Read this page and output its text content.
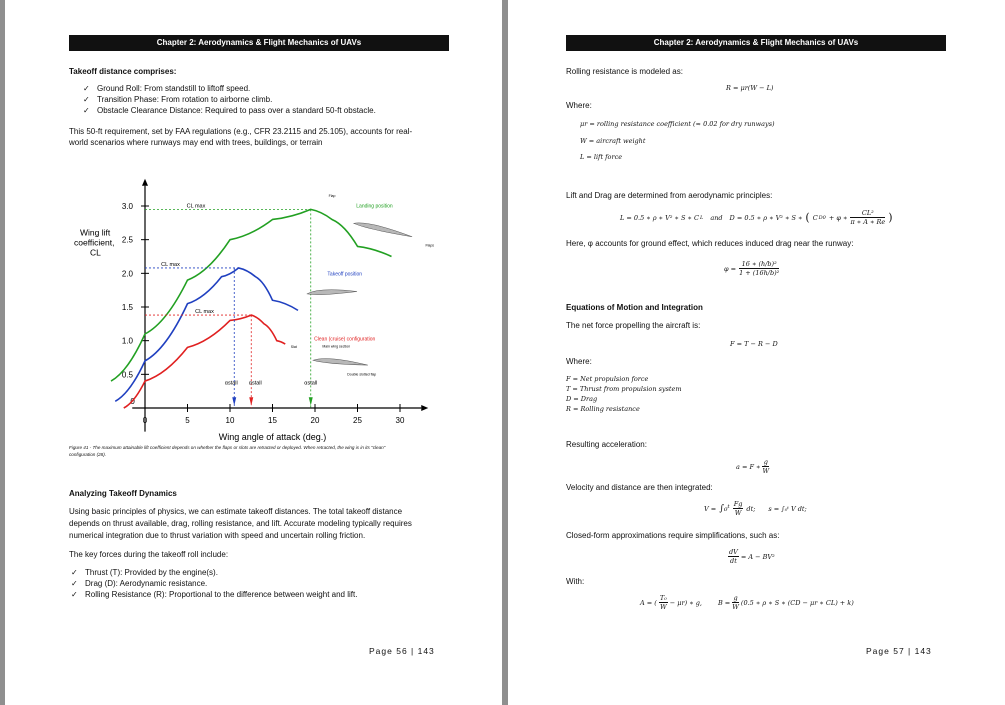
Chapter 2: Aerodynamics & Flight Mechanics of UAVs
Takeoff distance comprises:
✓ Ground Roll: From standstill to liftoff speed.
✓ Transition Phase: From rotation to airborne climb.
✓ Obstacle Clearance Distance: Required to pass over a standard 50-ft obstacle.
This 50-ft requirement, set by FAA regulations (e.g., CFR 23.2115 and 25.105), accounts for real-
world scenarios where runways may end with trees, buildings, or terrain
0	5	10	15	20	25	30
0.5
1.0
1.5
2.0
2.5
3.0
0
Wing angle of attack (deg.)
Wing lift
coefficient,
CL
CL max
CL max
CL max
αstall αstall	αstall
Landing position
Takeoff position
Clean (cruise) configuration
Main wing section
Slat
Double slotted flap
Flap
Flaps
Figure 41 - The maximum attainable lift coefficient depends on whether the flaps or slots are retracted or deployed. When retracted, the wing is in its "clean"
configuration (28).
Analyzing Takeoff Dynamics
Using basic principles of physics, we can estimate takeoff distances. The total takeoff distance
depends on thrust available, drag, rolling resistance, and lift. Accurate modeling typically requires
numerical integration due to thrust variation with speed and uncertain rolling friction.
The key forces during the takeoff roll include:
✓ Thrust (T): Provided by the engine(s).
✓ Drag (D): Aerodynamic resistance.
✓ Rolling Resistance (R): Proportional to the difference between weight and lift.
Page 56 | 143
Chapter 2: Aerodynamics & Flight Mechanics of UAVs
Rolling resistance is modeled as:
R = μr(W − L)
Where:
μr = rolling resistance coefficient (≈ 0.02 for dry runways)
W = aircraft weight
L = lift force
Lift and Drag are determined from aerodynamic principles:
L = 0.5 ∗ ρ ∗ V² ∗ S ∗ C L and D = 0.5 ∗ ρ ∗ V² ∗ S ∗ ( C D0 + φ ∗ $\frac{\text{CL²}}{\pi ∗ A ∗ Re}$ )
Here, φ accounts for ground effect, which reduces induced drag near the runway:
$\varphi = \frac{\text{16 ∗ (h/b)²}}{\text{1 + (16h/b)²}}$
Equations of Motion and Integration
The net force propelling the aircraft is:
F = T − R − D
Where:
F = Net propulsion force
T = Thrust from propulsion system
D = Drag
R = Rolling resistance
Resulting acceleration:
a = F ∗ $\frac{g}{W}$
Velocity and distance are then integrated:
V = ∫₀ᵗ $\frac{Fg}{W}$ dt; s = ∫₀ᵗ V dt;
Closed-form approximations require simplifications, such as:
$\frac{dV}{dt} = A - BV^2$
With:
A = ( $\frac{\text{T₀}}{W} - \mu r$) ∗ g, $B = \frac{g}{W} (0.5$ ∗ ρ ∗ S ∗ (CD − μr ∗ CL) + k)
Page 57 | 143
